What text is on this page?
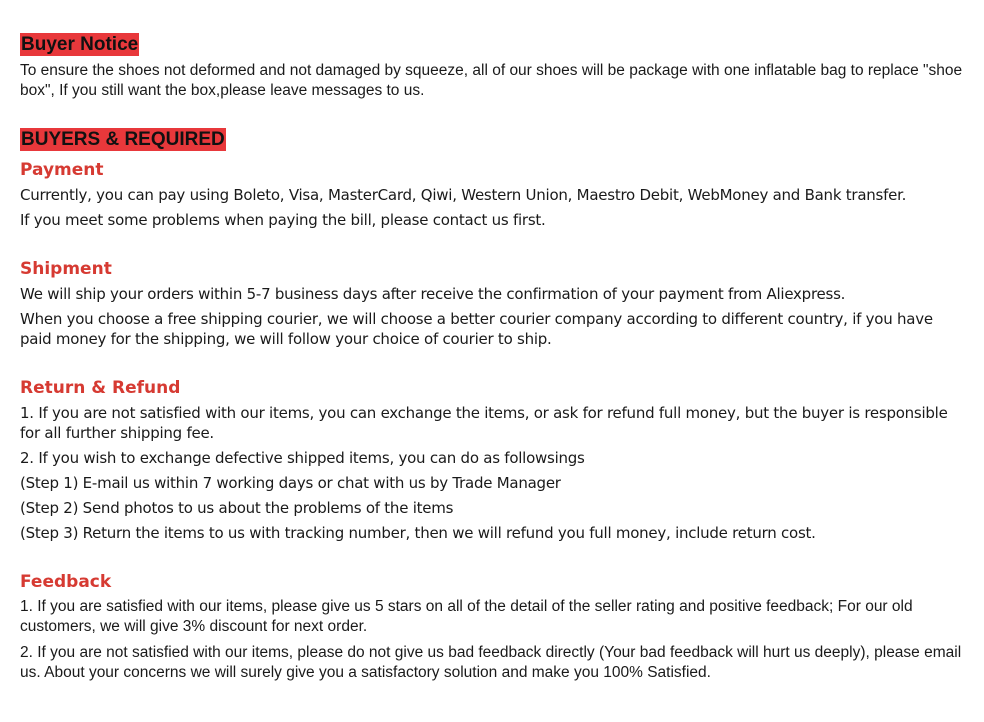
Buyer Notice

To ensure the shoes not deformed and not damaged by squeeze, all of our shoes will be package with one inflatable bag to replace "shoe box", If you still want the box,please leave messages to us.

BUYERS & REQUIRED
Payment

Currently, you can pay using Boleto, Visa, MasterCard, Qiwi, Western Union, Maestro Debit, WebMoney and Bank transfer.

If you meet some problems when paying the bill, please contact us first.

Shipment

We will ship your orders within 5-7 business days after receive the confirmation of your payment from Aliexpress.

When you choose a free shipping courier, we will choose a better courier company according to different country, if you have paid money for the shipping, we will follow your choice of courier to ship.

Return & Refund

1. If you are not satisfied with our items, you can exchange the items, or ask for refund full money, but the buyer is responsible for all further shipping fee.

2. If you wish to exchange defective shipped items, you can do as followsings

(Step 1) E-mail us within 7 working days or chat with us by Trade Manager

(Step 2) Send photos to us about the problems of the items

(Step 3) Return the items to us with tracking number, then we will refund you full money, include return cost.

Feedback

1. If you are satisfied with our items, please give us 5 stars on all of the detail of the seller rating and positive feedback; For our old customers, we will give 3% discount for next order.

2. If you are not satisfied with our items, please do not give us bad feedback directly (Your bad feedback will hurt us deeply), please email us. About your concerns we will surely give you a satisfactory solution and make you 100% Satisfied.
